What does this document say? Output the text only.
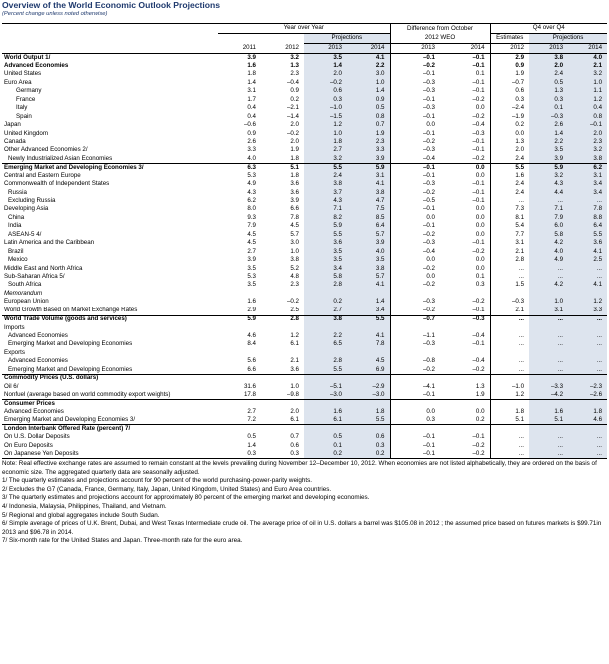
Overview of the World Economic Outlook Projections
(Percent change unless noted otherwise)
	Year over Year				Difference from October		Q4 over Q4		
			Projections		2012 WEO		Estimates	Projections	
	2011	2012	2013	2014	2013	2014	2012	2013	2014
World Output 1/	3.9	3.2	3.5	4.1	–0.1	–0.1	2.9	3.8	4.0
Advanced Economies	1.6	1.3	1.4	2.2	–0.2	–0.1	0.9	2.0	2.1
United States	1.8	2.3	2.0	3.0	–0.1	0.1	1.9	2.4	3.2
Euro Area	1.4	–0.4	–0.2	1.0	–0.3	–0.1	–0.7	0.5	1.0
Germany	3.1	0.9	0.6	1.4	–0.3	–0.1	0.6	1.3	1.1
France	1.7	0.2	0.3	0.9	–0.1	–0.2	0.3	0.3	1.2
Italy	0.4	–2.1	–1.0	0.5	–0.3	0.0	–2.4	0.1	0.4
Spain	0.4	–1.4	–1.5	0.8	–0.1	–0.2	–1.9	–0.3	0.8
Japan	–0.6	2.0	1.2	0.7	0.0	–0.4	0.2	2.6	–0.1
United Kingdom	0.9	–0.2	1.0	1.9	–0.1	–0.3	0.0	1.4	2.0
Canada	2.6	2.0	1.8	2.3	–0.2	–0.1	1.3	2.2	2.3
Other Advanced Economies 2/	3.3	1.9	2.7	3.3	–0.3	–0.1	2.0	3.5	3.2
Newly Industrialized Asian Economies	4.0	1.8	3.2	3.9	–0.4	–0.2	2.4	3.9	3.8
Emerging Market and Developing Economies 3/	6.3	5.1	5.5	5.9	–0.1	0.0	5.5	5.9	6.2
Central and Eastern Europe	5.3	1.8	2.4	3.1	–0.1	0.0	1.6	3.2	3.1
Commonwealth of Independent States	4.9	3.6	3.8	4.1	–0.3	–0.1	2.4	4.3	3.4
Russia	4.3	3.6	3.7	3.8	–0.2	–0.1	2.4	4.4	3.4
Excluding Russia	6.2	3.9	4.3	4.7	–0.5	–0.1	...	...	...
Developing Asia	8.0	6.6	7.1	7.5	–0.1	0.0	7.3	7.1	7.8
China	9.3	7.8	8.2	8.5	0.0	0.0	8.1	7.9	8.8
India	7.9	4.5	5.9	6.4	–0.1	0.0	5.4	6.0	6.4
ASEAN-5 4/	4.5	5.7	5.5	5.7	–0.2	0.0	7.7	5.8	5.5
Latin America and the Caribbean	4.5	3.0	3.6	3.9	–0.3	–0.1	3.1	4.2	3.6
Brazil	2.7	1.0	3.5	4.0	–0.4	–0.2	2.1	4.0	4.1
Mexico	3.9	3.8	3.5	3.5	0.0	0.0	2.8	4.9	2.5
Middle East and North Africa	3.5	5.2	3.4	3.8	–0.2	0.0	...	...	...
Sub-Saharan Africa 5/	5.3	4.8	5.8	5.7	0.0	0.1	...	...	...
South Africa	3.5	2.3	2.8	4.1	–0.2	0.3	1.5	4.2	4.1
Memorandum									
European Union	1.6	–0.2	0.2	1.4	–0.3	–0.2	–0.3	1.0	1.2
World Growth Based on Market Exchange Rates	2.9	2.5	2.7	3.4	–0.2	–0.1	2.1	3.1	3.3
World Trade Volume (goods and services)	5.9	2.8	3.8	5.5	–0.7	–0.3	...	...	...
Imports									
Advanced Economies	4.6	1.2	2.2	4.1	–1.1	–0.4	...	...	...
Emerging Market and Developing Economies	8.4	6.1	6.5	7.8	–0.3	–0.1	...	...	...
Exports									
Advanced Economies	5.6	2.1	2.8	4.5	–0.8	–0.4	...	...	...
Emerging Market and Developing Economies	6.6	3.6	5.5	6.9	–0.2	–0.2	...	...	...
Commodity Prices (U.S. dollars)									
Oil 6/	31.6	1.0	–5.1	–2.9	–4.1	1.3	–1.0	–3.3	–2.3
Nonfuel (average based on world commodity export weights)	17.8	–9.8	–3.0	–3.0	–0.1	1.9	1.2	–4.2	–2.6
Consumer Prices									
Advanced Economies	2.7	2.0	1.6	1.8	0.0	0.0	1.8	1.6	1.8
Emerging Market and Developing Economies 3/	7.2	6.1	6.1	5.5	0.3	0.2	5.1	5.1	4.6
London Interbank Offered Rate (percent) 7/									
On U.S. Dollar Deposits	0.5	0.7	0.5	0.6	–0.1	–0.1	...	...	...
On Euro Deposits	1.4	0.6	0.1	0.3	–0.1	–0.2	...	...	...
On Japanese Yen Deposits	0.3	0.3	0.2	0.2	–0.1	–0.2	...	...	...
Note: Real effective exchange rates are assumed to remain constant at the levels prevailing during November 12–December 10, 2012. When economies are not listed alphabetically, they are ordered on the basis of economic size. The aggregated quarterly data are seasonally adjusted.
1/ The quarterly estimates and projections account for 90 percent of the world purchasing-power-parity weights.
2/ Excludes the G7 (Canada, France, Germany, Italy, Japan, United Kingdom, United States) and Euro Area countries.
3/ The quarterly estimates and projections account for approximately 80 percent of the emerging market and developing economies.
4/ Indonesia, Malaysia, Philippines, Thailand, and Vietnam.
5/ Regional and global aggregates include South Sudan.
6/ Simple average of prices of U.K. Brent, Dubai, and West Texas Intermediate crude oil. The average price of oil in U.S. dollars a barrel was $105.08 in 2012 ; the assumed price based on futures markets is $99.71in 2013 and $96.78 in 2014.
7/ Six-month rate for the United States and Japan. Three-month rate for the euro area.
